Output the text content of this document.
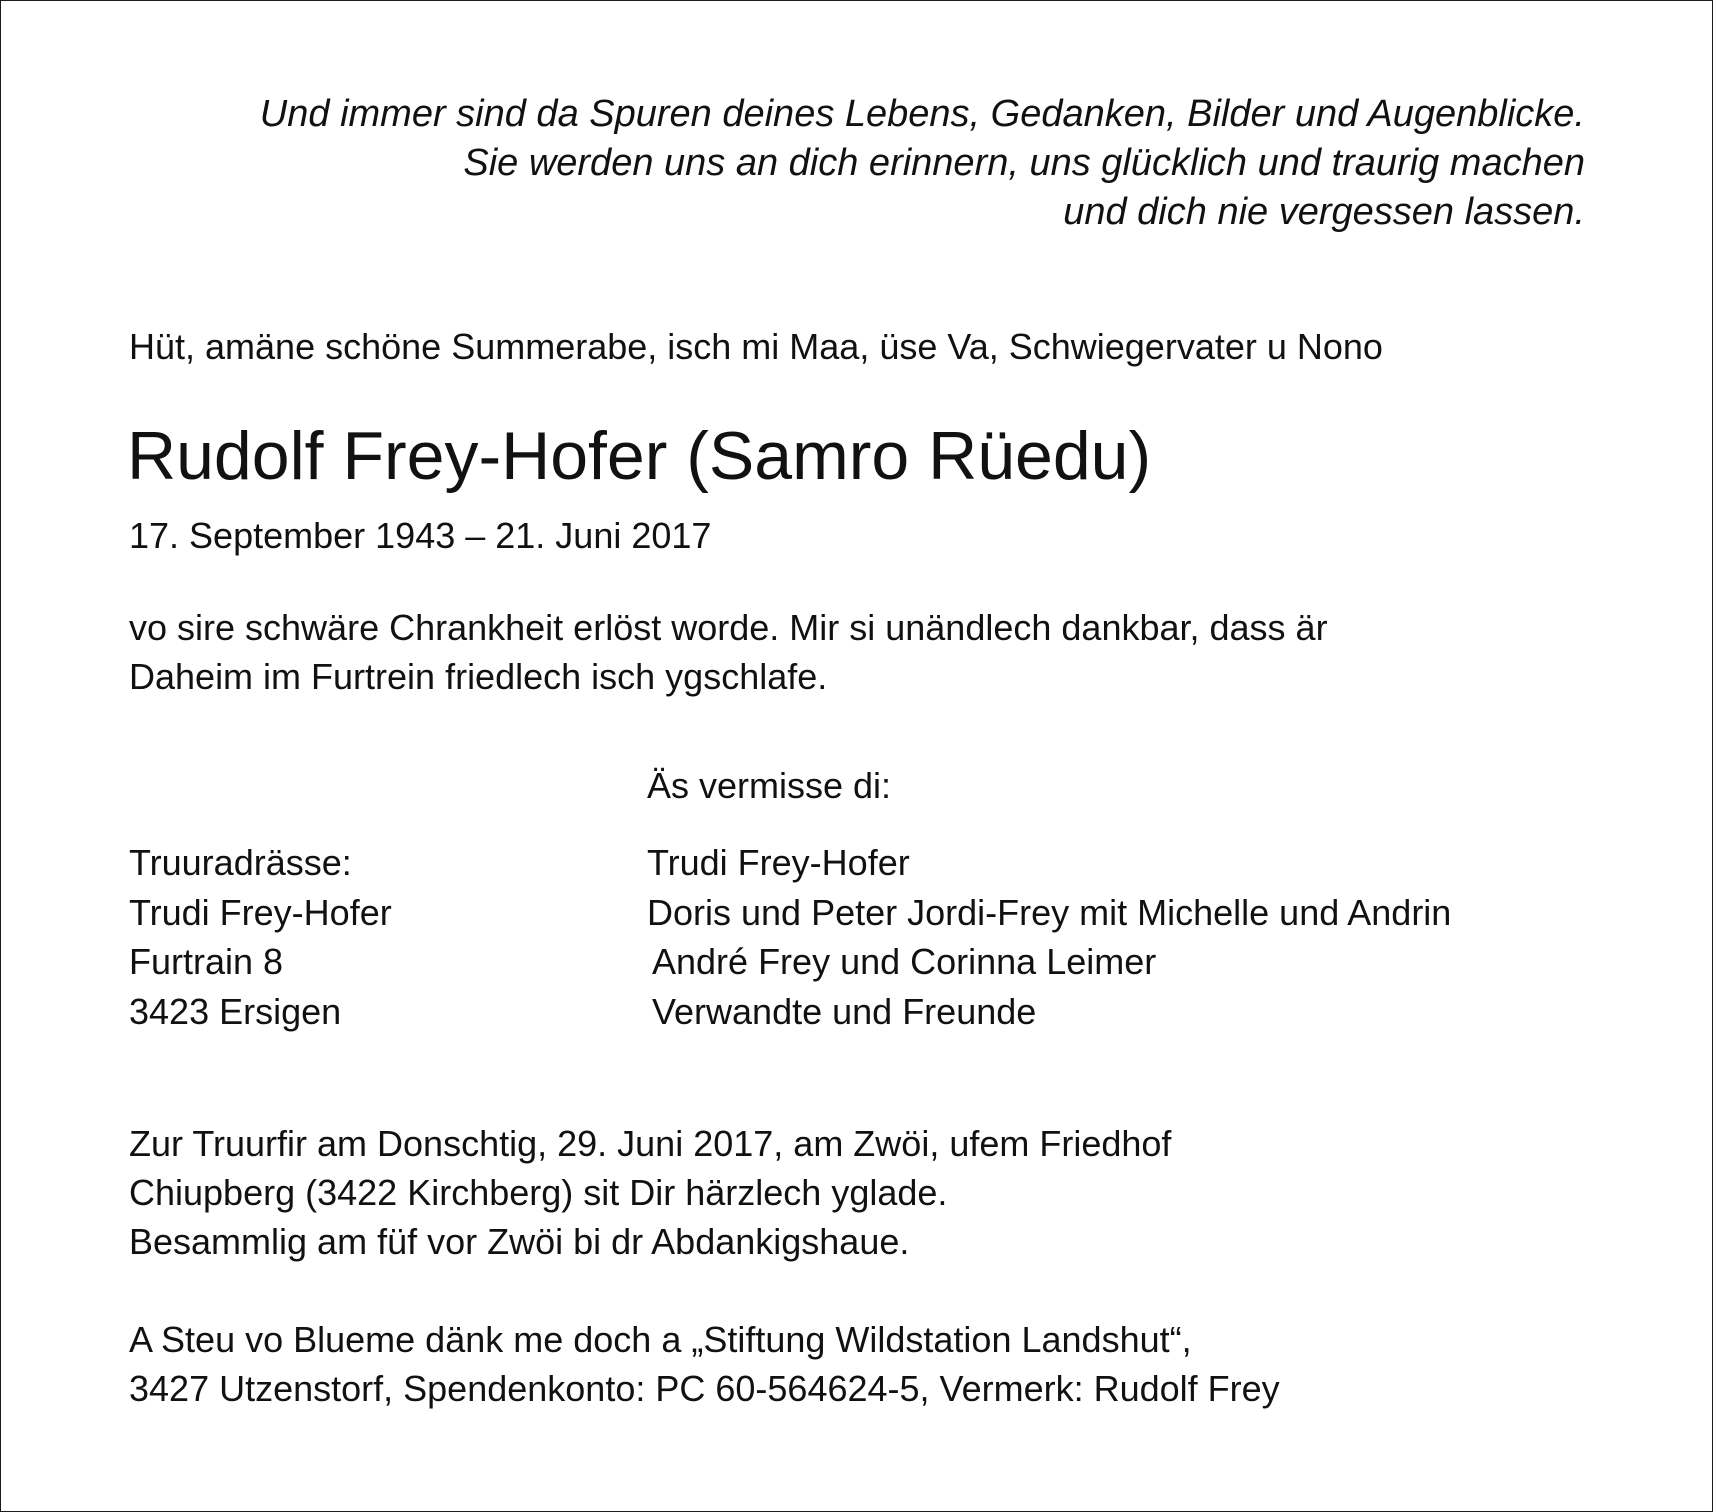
Und immer sind da Spuren deines Lebens, Gedanken, Bilder und Augenblicke.
Sie werden uns an dich erinnern, uns glücklich und traurig machen
und dich nie vergessen lassen.
Hüt, amäne schöne Summerabe, isch mi Maa, üse Va, Schwiegervater u Nono
Rudolf Frey-Hofer (Samro Rüedu)
17. September 1943 – 21. Juni 2017
vo sire schwäre Chrankheit erlöst worde. Mir si unändlech dankbar, dass är
Daheim im Furtrein friedlech isch ygschlafe.
Äs vermisse di:
Truuradrässe:
Trudi Frey-Hofer
Furtrain 8
3423 Ersigen
Trudi Frey-Hofer
Doris und Peter Jordi-Frey mit Michelle und Andrin
André Frey und Corinna Leimer
Verwandte und Freunde
Zur Truurfir am Donschtig, 29. Juni 2017, am Zwöi, ufem Friedhof
Chiupberg (3422 Kirchberg) sit Dir härzlech yglade.
Besammlig am füf vor Zwöi bi dr Abdankigshaue.
A Steu vo Blueme dänk me doch a „Stiftung Wildstation Landshut“,
3427 Utzenstorf, Spendenkonto: PC 60-564624-5, Vermerk: Rudolf Frey
